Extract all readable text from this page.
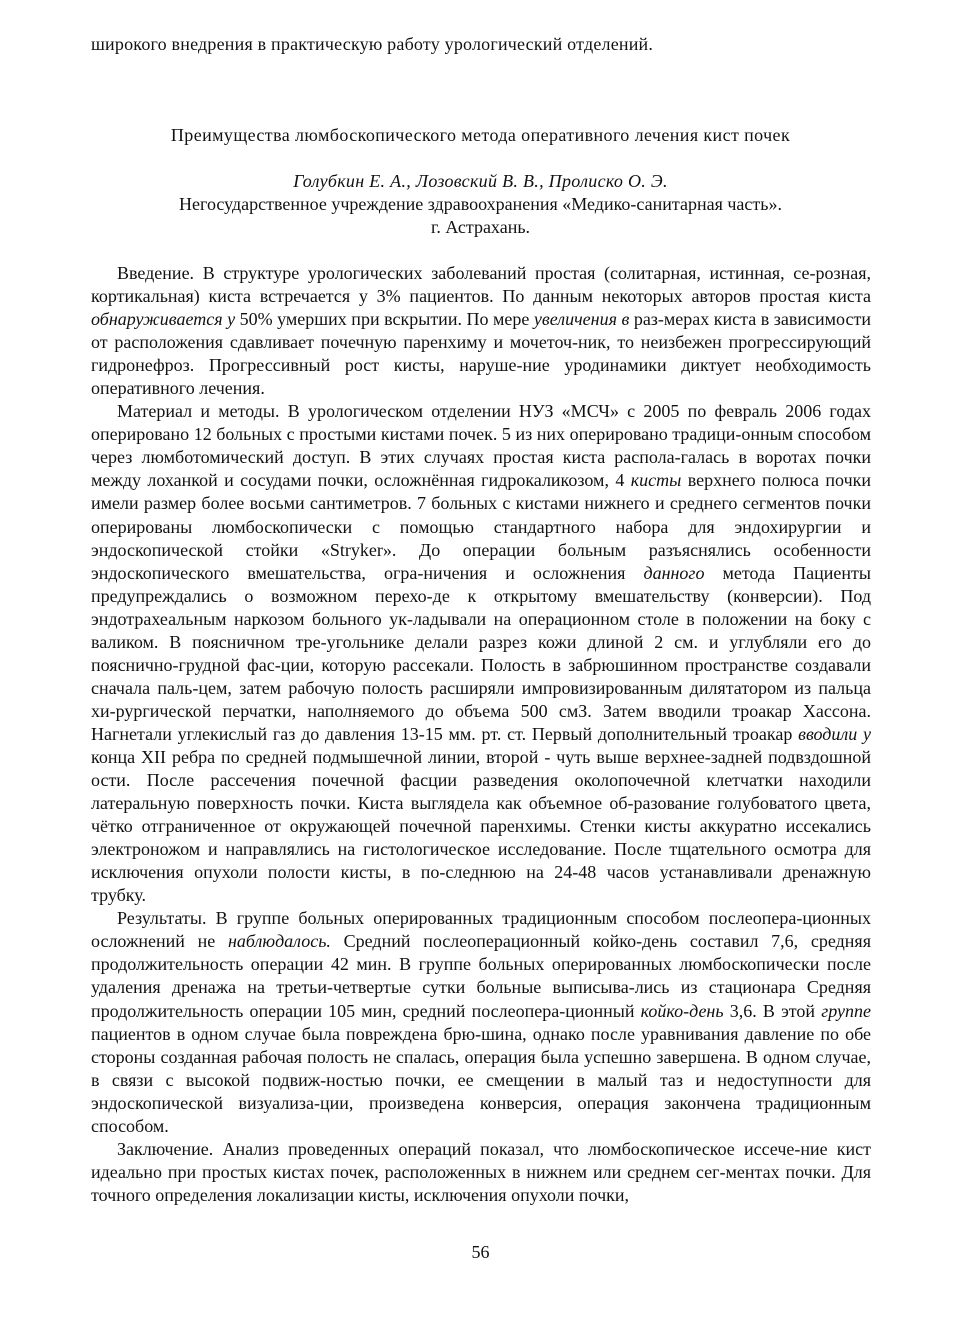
широкого внедрения в практическую работу урологический отделений.
Преимущества люмбоскопического метода оперативного лечения кист почек
Голубкин Е. А., Лозовский В. В., Пролиско О. Э.
Негосударственное учреждение здравоохранения «Медико-санитарная часть».
г. Астрахань.

Введение. В структуре урологических заболеваний простая (солитарная, истинная, се-розная, кортикальная) киста встречается у 3% пациентов. По данным некоторых авторов простая киста обнаруживается у 50% умерших при вскрытии. По мере увеличения в раз-мерах киста в зависимости от расположения сдавливает почечную паренхиму и мочеточ-ник, то неизбежен прогрессирующий гидронефроз. Прогрессивный рост кисты, наруше-ние уродинамики диктует необходимость оперативного лечения.

Материал и методы. В урологическом отделении НУЗ «МСЧ» с 2005 по февраль 2006 годах оперировано 12 больных с простыми кистами почек. 5 из них оперировано традици-онным способом через люмботомический доступ. В этих случаях простая киста распола-галась в воротах почки между лоханкой и сосудами почки, осложнённая гидрокаликозом, 4 кисты верхнего полюса почки имели размер более восьми сантиметров. 7 больных с кистами нижнего и среднего сегментов почки оперированы люмбоскопически с помощью стандартного набора для эндохирургии и эндоскопической стойки «Stryker». До операции больным разъяснялись особенности эндоскопического вмешательства, огра-ничения и осложнения данного метода Пациенты предупреждались о возможном перехо-де к открытому вмешательству (конверсии). Под эндотрахеальным наркозом больного ук-ладывали на операционном столе в положении на боку с валиком. В поясничном тре-угольнике делали разрез кожи длиной 2 см. и углубляли его до пояснично-грудной фас-ции, которую рассекали. Полость в забрюшинном пространстве создавали сначала паль-цем, затем рабочую полость расширяли импровизированным дилятатором из пальца хи-рургической перчатки, наполняемого до объема 500 смЗ. Затем вводили троакар Хассона. Нагнетали углекислый газ до давления 13-15 мм. рт. ст. Первый дополнительный троакар вводили у конца XII ребра по средней подмышечной линии, второй - чуть выше верхнее-задней подвздошной ости. После рассечения почечной фасции разведения околопочечной клетчатки находили латеральную поверхность почки. Киста выглядела как объемное об-разование голубоватого цвета, чётко отграниченное от окружающей почечной паренхимы. Стенки кисты аккуратно иссекались электроножом и направлялись на гистологическое исследование. После тщательного осмотра для исключения опухоли полости кисты, в по-следнюю на 24-48 часов устанавливали дренажную трубку.

Результаты. В группе больных оперированных традиционным способом послеопера-ционных осложнений не наблюдалось. Средний послеоперационный койко-день составил 7,6, средняя продолжительность операции 42 мин. В группе больных оперированных люмбоскопически после удаления дренажа на третьи-четвертые сутки больные выписыва-лись из стационара Средняя продолжительность операции 105 мин, средний послеопера-ционный койко-день 3,6. В этой группе пациентов в одном случае была повреждена брю-шина, однако после уравнивания давление по обе стороны созданная рабочая полость не спалась, операция была успешно завершена. В одном случае, в связи с высокой подвиж-ностью почки, ее смещении в малый таз и недоступности для эндоскопической визуализа-ции, произведена конверсия, операция закончена традиционным способом.

Заключение. Анализ проведенных операций показал, что люмбоскопическое иссече-ние кист идеально при простых кистах почек, расположенных в нижнем или среднем сег-ментах почки. Для точного определения локализации кисты, исключения опухоли почки,

56
